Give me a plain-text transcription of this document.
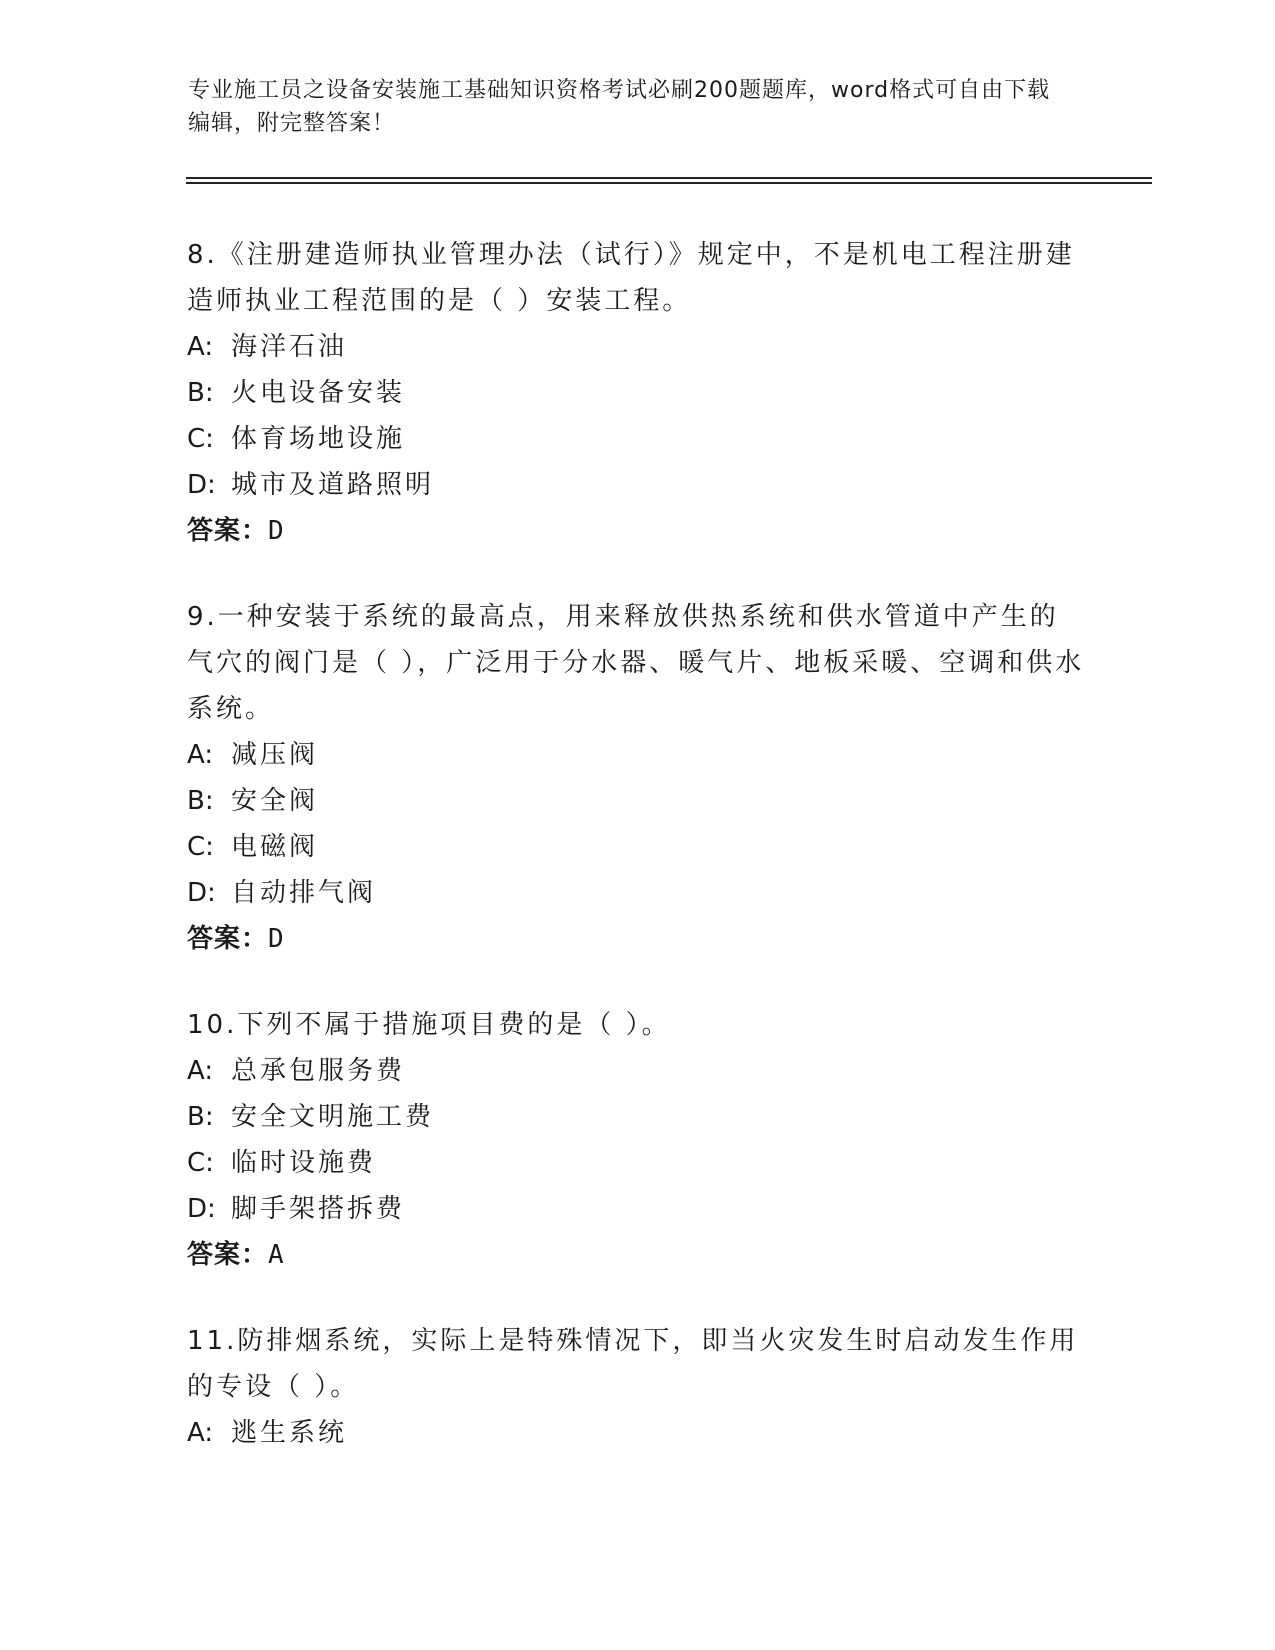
专业施工员之设备安装施工基础知识资格考试必刷200题题库，word格式可自由下载编辑，附完整答案！

8.《注册建造师执业管理办法（试行）》规定中，不是机电工程注册建造师执业工程范围的是（ ）安装工程。

A: 海洋石油

B: 火电设备安装

C: 体育场地设施

D: 城市及道路照明

答案：D

9.一种安装于系统的最高点，用来释放供热系统和供水管道中产生的气穴的阀门是（ ），广泛用于分水器、暖气片、地板采暖、空调和供水系统。

A: 减压阀

B: 安全阀

C: 电磁阀

D: 自动排气阀

答案：D

10.下列不属于措施项目费的是（ ）。

A: 总承包服务费

B: 安全文明施工费

C: 临时设施费

D: 脚手架搭拆费

答案：A

11.防排烟系统，实际上是特殊情况下，即当火灾发生时启动发生作用的专设（ ）。

A: 逃生系统
